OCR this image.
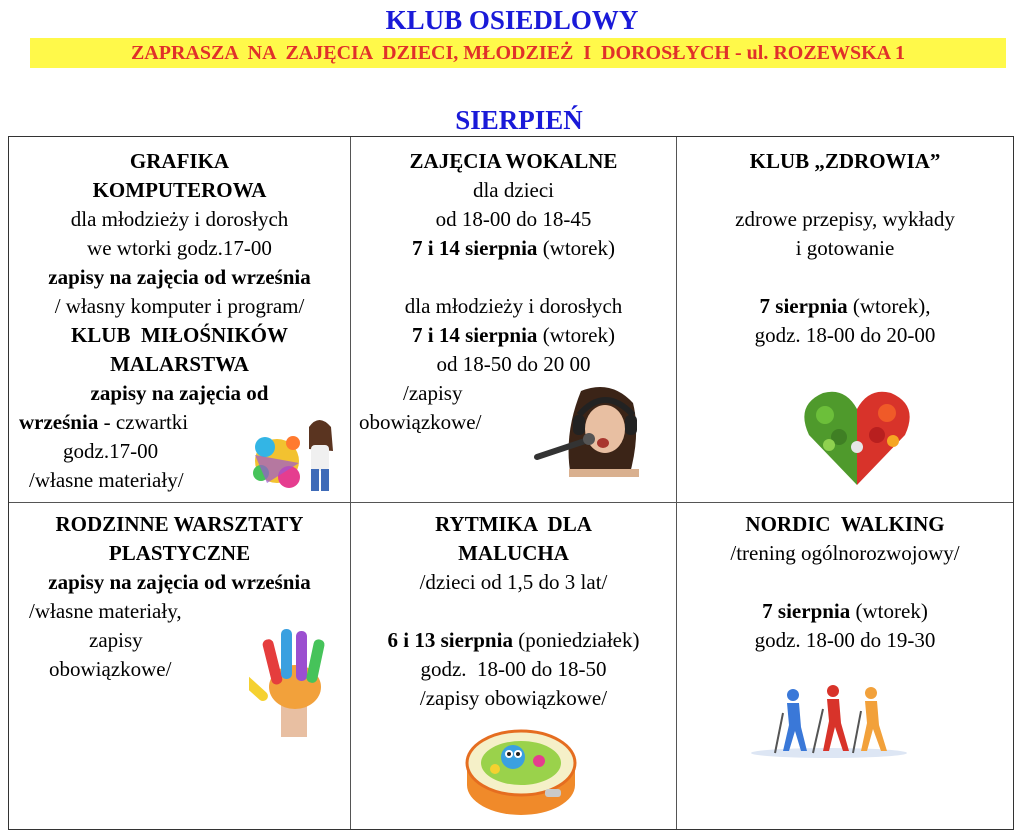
KLUB OSIEDLOWY
ZAPRASZA  NA  ZAJĘCIA  DZIECI, MŁODZIEŻ  I  DOROSŁYCH - ul. ROZEWSKA 1
SIERPIEŃ
GRAFIKA
KOMPUTEROWA
dla młodzieży i dorosłych
we wtorki godz.17-00
zapisy na zajęcia od września
/ własny komputer i program/
KLUB  MIŁOŚNIKÓW
MALARSTWA
zapisy na zajęcia od
września - czwartki
godz.17-00
/własne materiały/
ZAJĘCIA WOKALNE
dla dzieci
od 18-00 do 18-45
7 i 14 sierpnia (wtorek)

dla młodzieży i dorosłych
7 i 14 sierpnia (wtorek)
od 18-50 do 20 00
/zapisy
obowiązkowe/
KLUB „ZDROWIA”

zdrowe przepisy, wykłady
i gotowanie

7 sierpnia (wtorek),
godz. 18-00 do 20-00
RODZINNE WARSZTATY
PLASTYCZNE
zapisy na zajęcia od września
/własne materiały,
zapisy
obowiązkowe/
RYTMIKA  DLA
MALUCHA
/dzieci od 1,5 do 3 lat/

6 i 13 sierpnia (poniedziałek)
godz.  18-00 do 18-50
/zapisy obowiązkowe/
NORDIC  WALKING
/trening ogólnorozwojowy/

7 sierpnia (wtorek)
godz. 18-00 do 19-30
